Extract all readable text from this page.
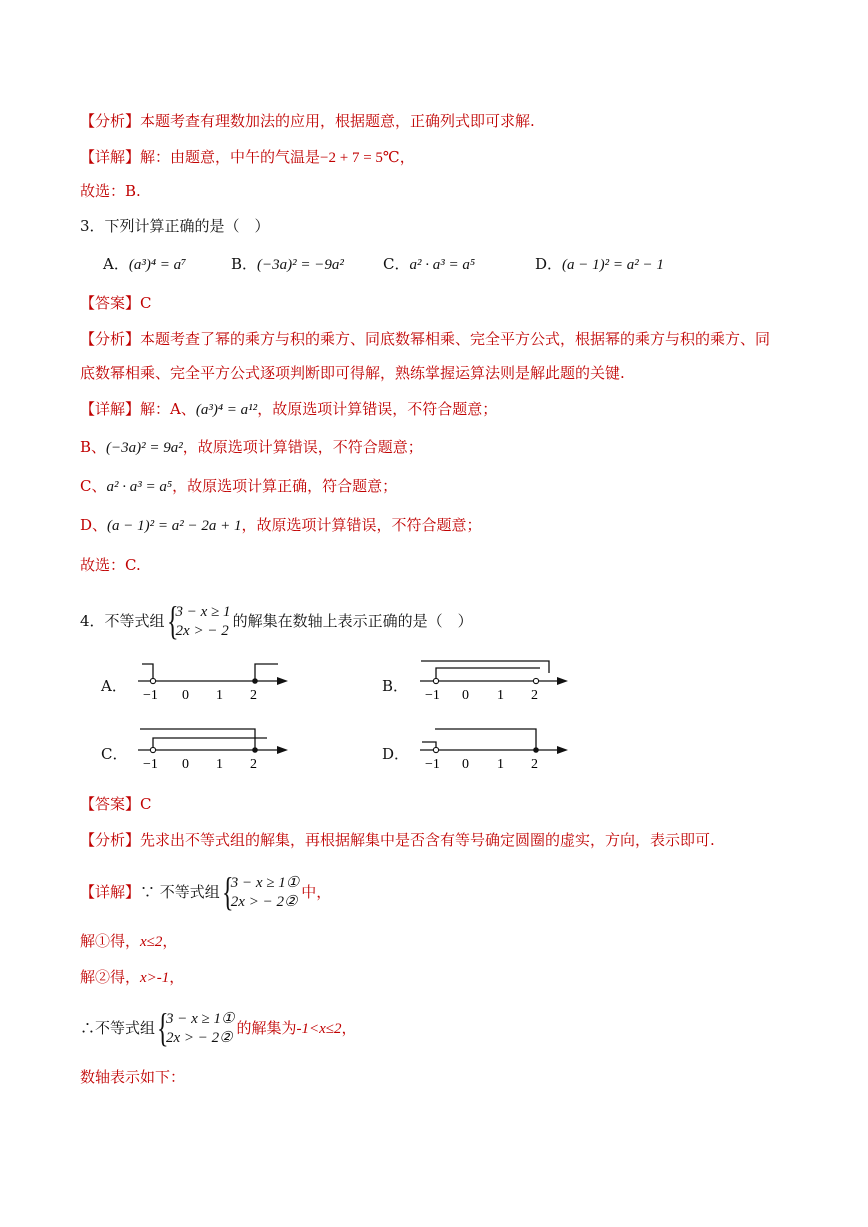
【分析】本题考查有理数加法的应用，根据题意，正确列式即可求解.
【详解】解：由题意，中午的气温是−2 + 7 = 5℃，
故选：B.
3．下列计算正确的是（　）
A．(a³)⁴ = a⁷	B．(−3a)² = −9a²	C．a² · a³ = a⁵	D．(a − 1)² = a² − 1
【答案】C
【分析】本题考查了幂的乘方与积的乘方、同底数幂相乘、完全平方公式，根据幂的乘方与积的乘方、同
底数幂相乘、完全平方公式逐项判断即可得解，熟练掌握运算法则是解此题的关键.
【详解】解：A、(a³)⁴ = a¹²，故原选项计算错误，不符合题意；
B、(−3a)² = 9a²，故原选项计算错误，不符合题意；
C、a² · a³ = a⁵，故原选项计算正确，符合题意；
D、(a − 1)² = a² − 2a + 1，故原选项计算错误，不符合题意；
故选：C.
4．不等式组 {
3 − x ≥ 1
2x > − 2
的解集在数轴上表示正确的是（　）
A．
−1 0 1 2
B．
−1 0 1 2
C．
−1 0 1 2
D．
−1 0 1 2
【答案】C
【分析】先求出不等式组的解集，再根据解集中是否含有等号确定圆圈的虚实，方向，表示即可.
【详解】∵ 不等式组 {
3 − x ≥ 1①
2x > − 2②
中，
解①得，x≤2，
解②得，x>-1，
∴不等式组 {
3 − x ≥ 1①
2x > − 2②
的解集为-1<x≤2，
数轴表示如下：
